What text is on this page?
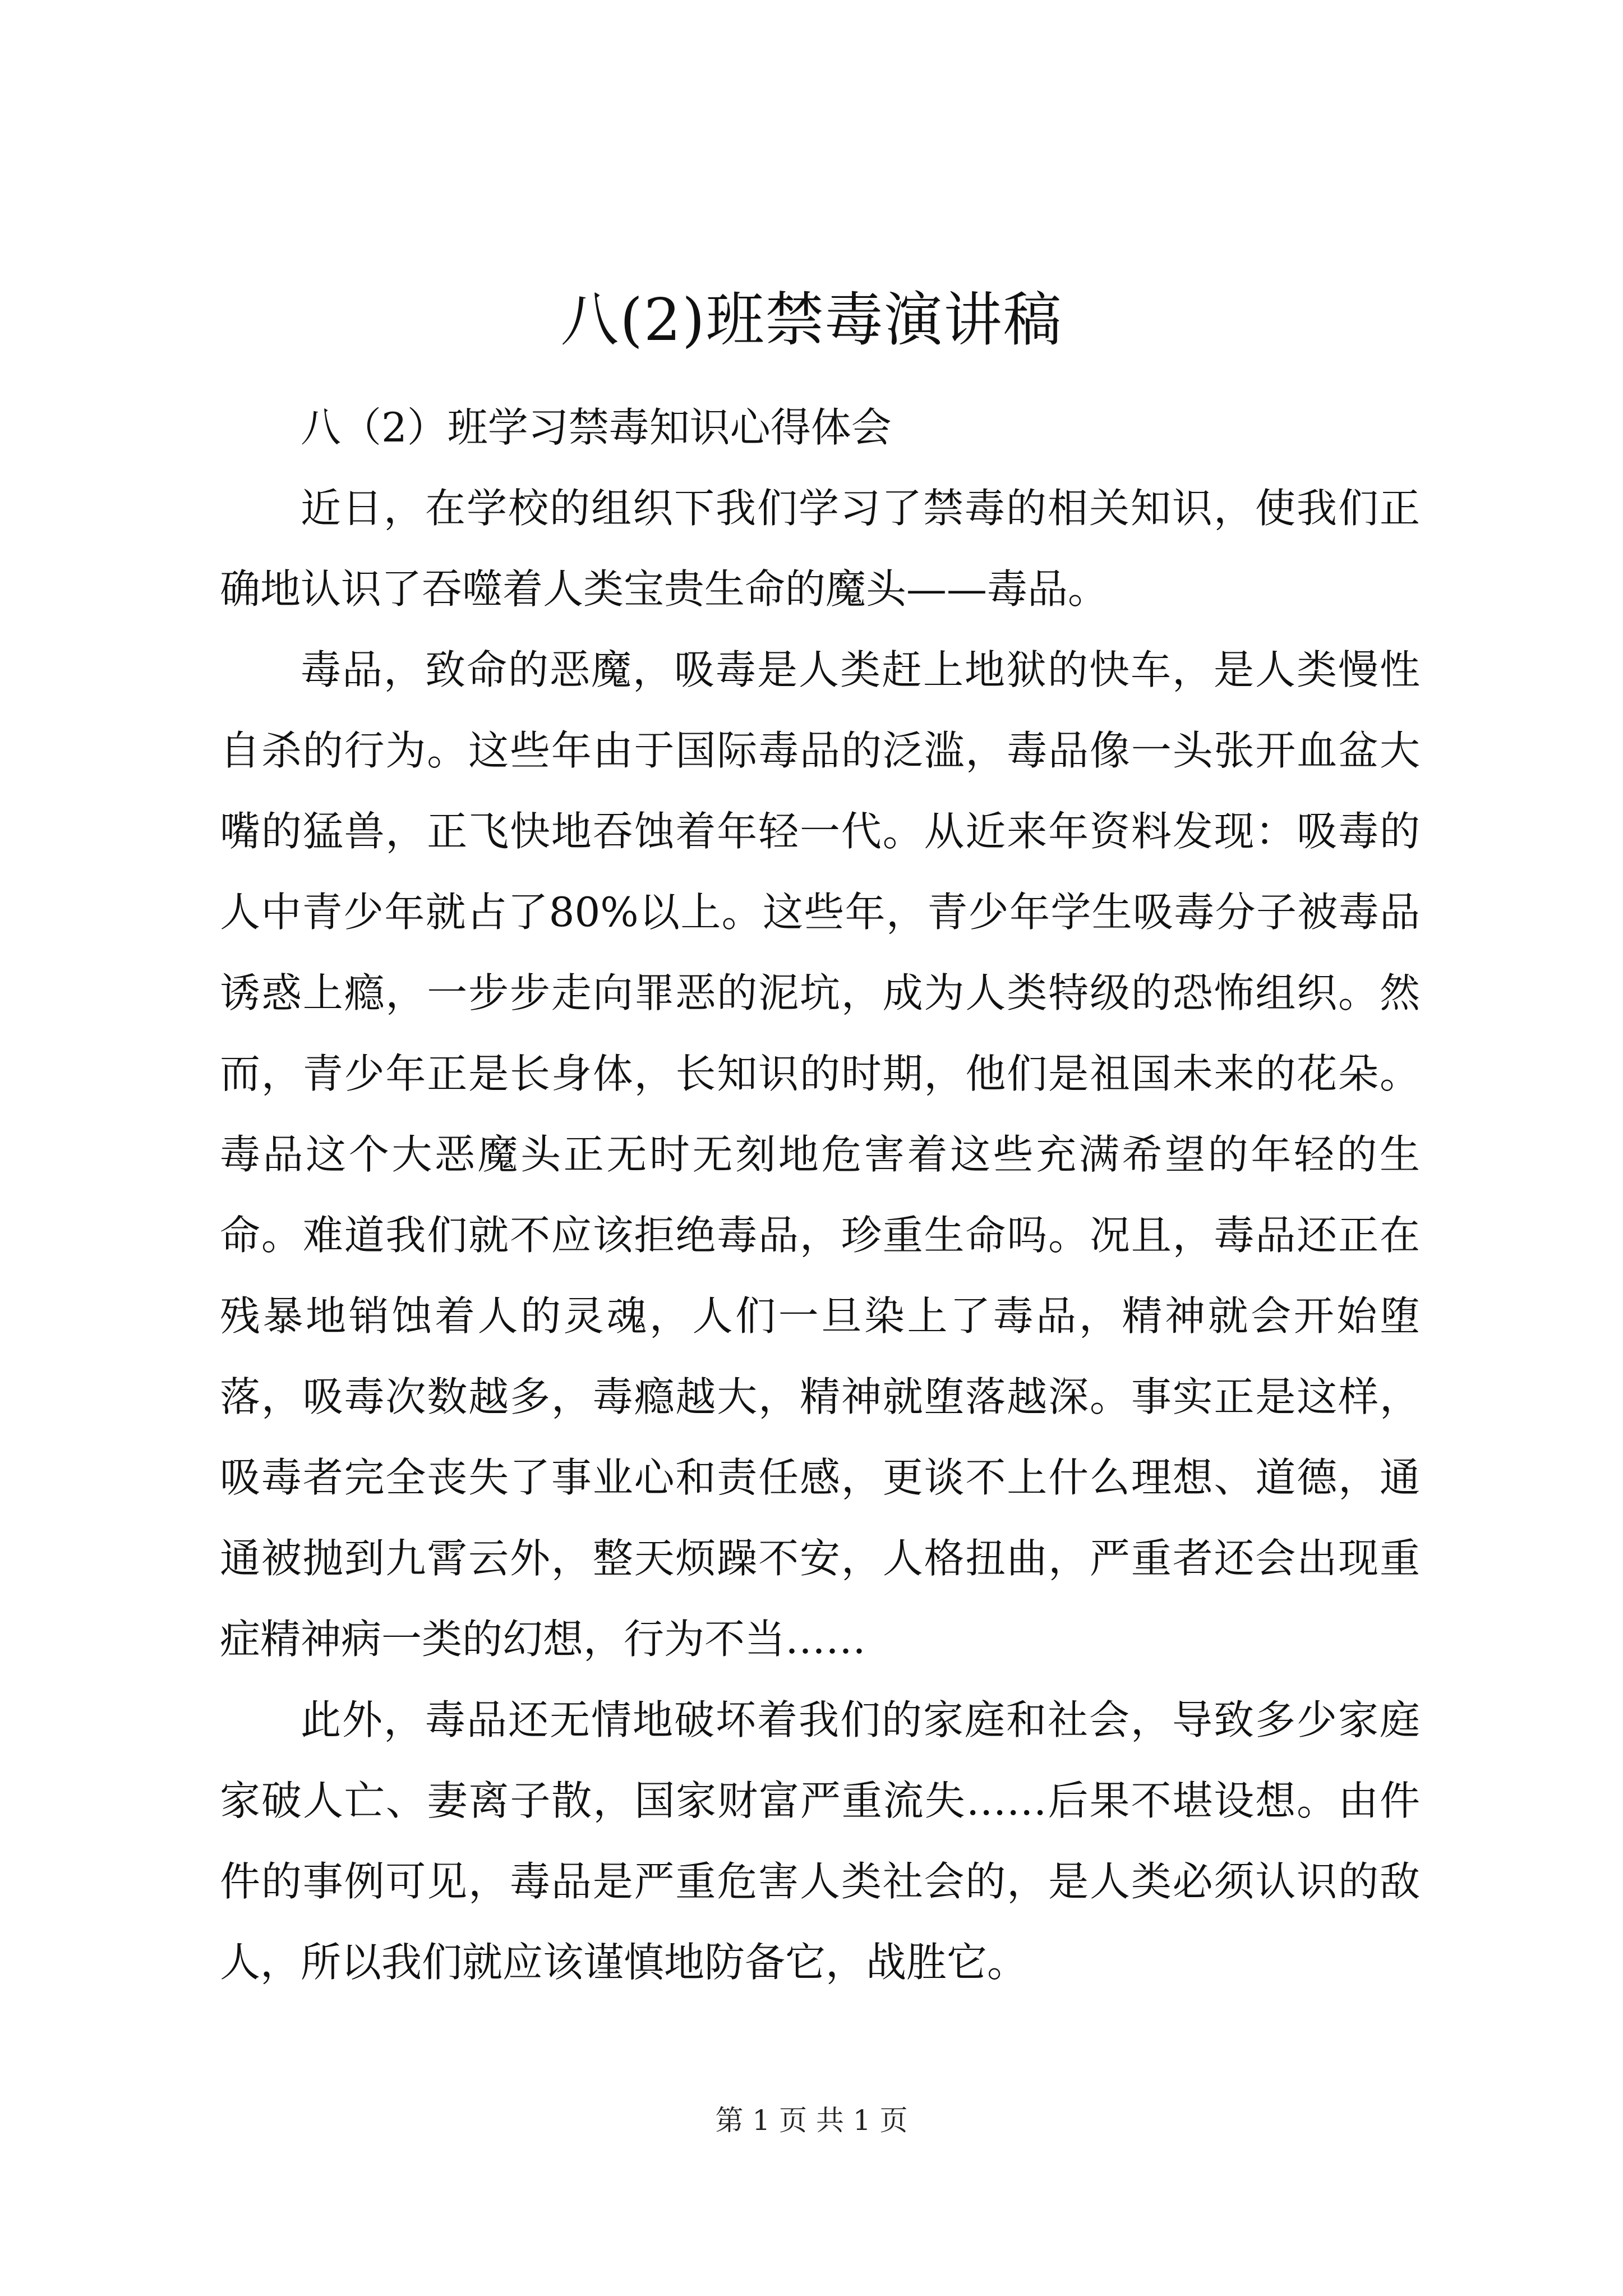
八(2)班禁毒演讲稿

八（2）班学习禁毒知识心得体会

近日，在学校的组织下我们学习了禁毒的相关知识，使我们正确地认识了吞噬着人类宝贵生命的魔头——毒品。

毒品，致命的恶魔，吸毒是人类赶上地狱的快车，是人类慢性自杀的行为。这些年由于国际毒品的泛滥，毒品像一头张开血盆大嘴的猛兽，正飞快地吞蚀着年轻一代。从近来年资料发现：吸毒的人中青少年就占了80%以上。这些年，青少年学生吸毒分子被毒品诱惑上瘾，一步步走向罪恶的泥坑，成为人类特级的恐怖组织。然而，青少年正是长身体，长知识的时期，他们是祖国未来的花朵。毒品这个大恶魔头正无时无刻地危害着这些充满希望的年轻的生命。难道我们就不应该拒绝毒品，珍重生命吗。况且，毒品还正在残暴地销蚀着人的灵魂，人们一旦染上了毒品，精神就会开始堕落，吸毒次数越多，毒瘾越大，精神就堕落越深。事实正是这样，吸毒者完全丧失了事业心和责任感，更谈不上什么理想、道德，通通被抛到九霄云外，整天烦躁不安，人格扭曲，严重者还会出现重症精神病一类的幻想，行为不当……

此外，毒品还无情地破坏着我们的家庭和社会，导致多少家庭家破人亡、妻离子散，国家财富严重流失……后果不堪设想。由件件的事例可见，毒品是严重危害人类社会的，是人类必须认识的敌人，所以我们就应该谨慎地防备它，战胜它。

第 1 页 共 1 页
